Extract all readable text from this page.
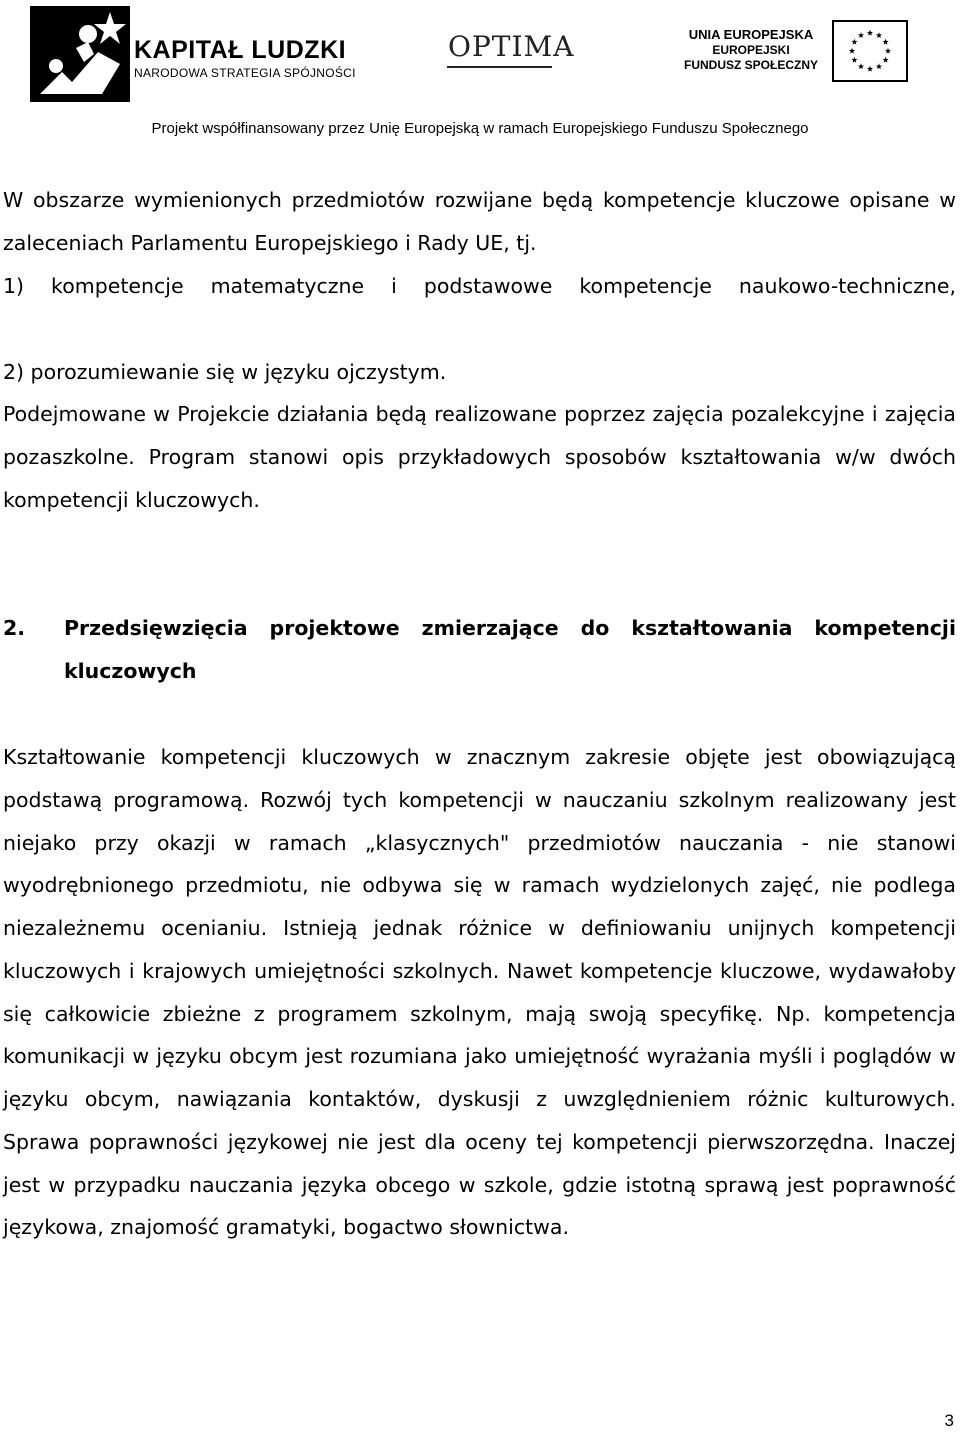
KAPITAŁ LUDZKI
NARODOWA STRATEGIA SPÓJNOŚCI
OPTIMA	UNIA EUROPEJSKA
EUROPEJSKI
FUNDUSZ SPOŁECZNY
Projekt współfinansowany przez Unię Europejską w ramach Europejskiego Funduszu Społecznego

W obszarze wymienionych przedmiotów rozwijane będą kompetencje kluczowe opisane w zaleceniach Parlamentu Europejskiego i Rady UE, tj.

1) kompetencje matematyczne i podstawowe kompetencje naukowo-techniczne,

2) porozumiewanie się w języku ojczystym.

Podejmowane w Projekcie działania będą realizowane poprzez zajęcia pozalekcyjne i zajęcia pozaszkolne. Program stanowi opis przykładowych sposobów kształtowania w/w dwóch kompetencji kluczowych.

2. Przedsięwzięcia projektowe zmierzające do kształtowania kompetencji kluczowych

Kształtowanie kompetencji kluczowych w znacznym zakresie objęte jest obowiązującą podstawą programową. Rozwój tych kompetencji w nauczaniu szkolnym realizowany jest niejako przy okazji w ramach „klasycznych" przedmiotów nauczania - nie stanowi wyodrębnionego przedmiotu, nie odbywa się w ramach wydzielonych zajęć, nie podlega niezależnemu ocenianiu. Istnieją jednak różnice w definiowaniu unijnych kompetencji kluczowych i krajowych umiejętności szkolnych. Nawet kompetencje kluczowe, wydawałoby się całkowicie zbieżne z programem szkolnym, mają swoją specyfikę. Np. kompetencja komunikacji w języku obcym jest rozumiana jako umiejętność wyrażania myśli i poglądów w języku obcym, nawiązania kontaktów, dyskusji z uwzględnieniem różnic kulturowych. Sprawa poprawności językowej nie jest dla oceny tej kompetencji pierwszorzędna. Inaczej jest w przypadku nauczania języka obcego w szkole, gdzie istotną sprawą jest poprawność językowa, znajomość gramatyki, bogactwo słownictwa.

3
